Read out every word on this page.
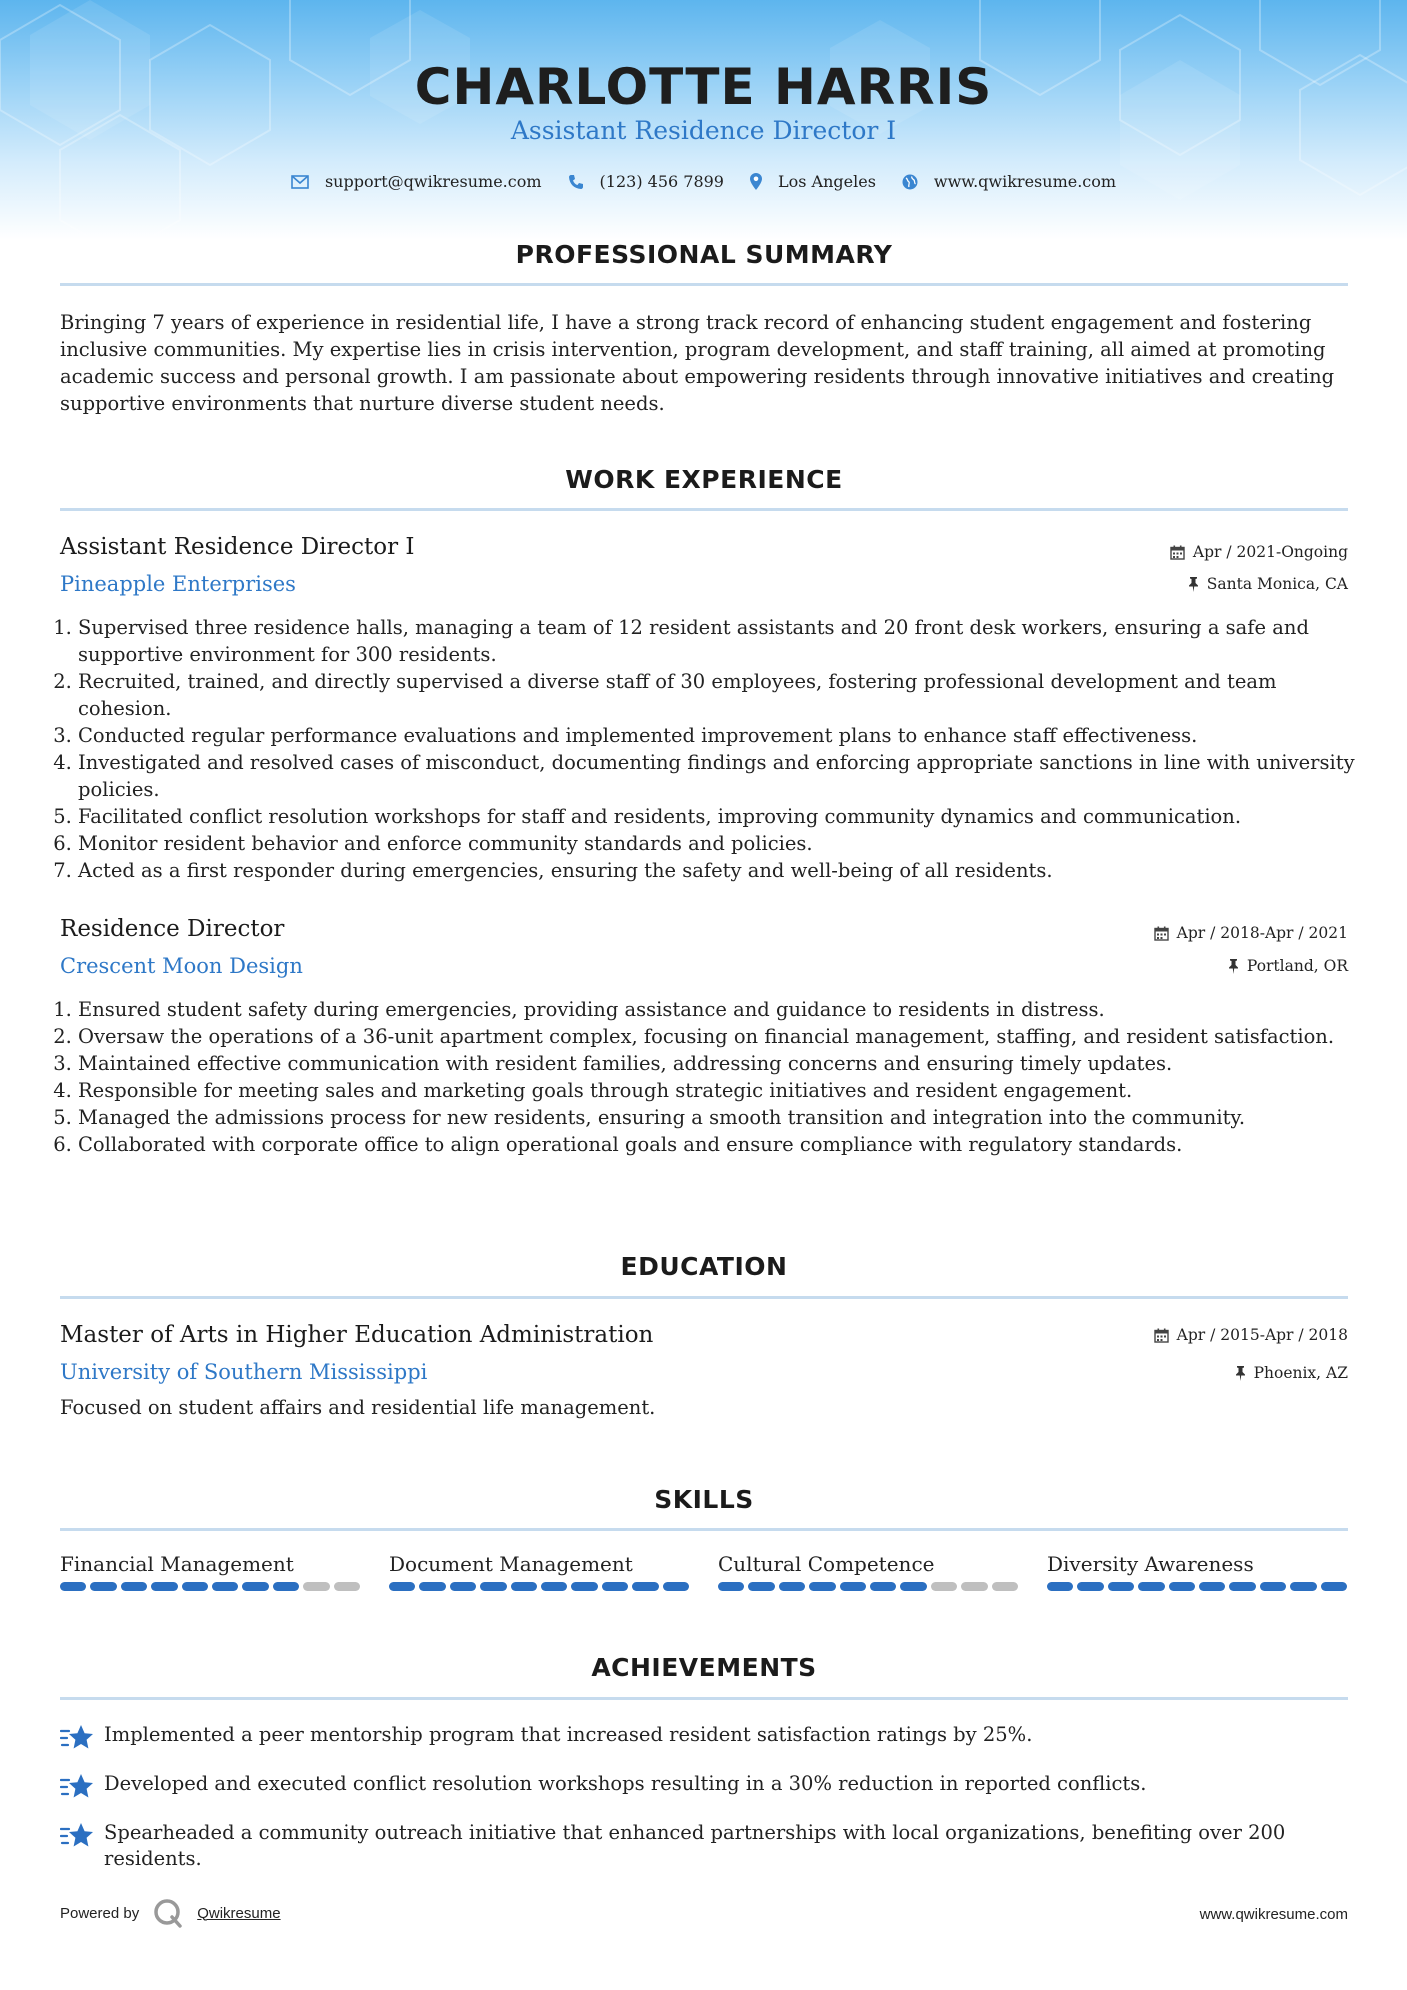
CHARLOTTE HARRIS
Assistant Residence Director I
support@qwikresume.com	(123) 456 7899	Los Angeles	www.qwikresume.com
PROFESSIONAL SUMMARY

Bringing 7 years of experience in residential life, I have a strong track record of enhancing student engagement and fostering inclusive communities. My expertise lies in crisis intervention, program development, and staff training, all aimed at promoting academic success and personal growth. I am passionate about empowering residents through innovative initiatives and creating supportive environments that nurture diverse student needs.

WORK EXPERIENCE
Assistant Residence Director I	Apr / 2021-Ongoing
Pineapple Enterprises	Santa Monica, CA
1. Supervised three residence halls, managing a team of 12 resident assistants and 20 front desk workers, ensuring a safe and supportive environment for 300 residents.
2. Recruited, trained, and directly supervised a diverse staff of 30 employees, fostering professional development and team cohesion.
3. Conducted regular performance evaluations and implemented improvement plans to enhance staff effectiveness.
4. Investigated and resolved cases of misconduct, documenting findings and enforcing appropriate sanctions in line with university policies.
5. Facilitated conflict resolution workshops for staff and residents, improving community dynamics and communication.
6. Monitor resident behavior and enforce community standards and policies.
7. Acted as a first responder during emergencies, ensuring the safety and well-being of all residents.
Residence Director	Apr / 2018-Apr / 2021
Crescent Moon Design	Portland, OR
1. Ensured student safety during emergencies, providing assistance and guidance to residents in distress.
2. Oversaw the operations of a 36-unit apartment complex, focusing on financial management, staffing, and resident satisfaction.
3. Maintained effective communication with resident families, addressing concerns and ensuring timely updates.
4. Responsible for meeting sales and marketing goals through strategic initiatives and resident engagement.
5. Managed the admissions process for new residents, ensuring a smooth transition and integration into the community.
6. Collaborated with corporate office to align operational goals and ensure compliance with regulatory standards.
EDUCATION
Master of Arts in Higher Education Administration	Apr / 2015-Apr / 2018
University of Southern Mississippi	Phoenix, AZ
Focused on student affairs and residential life management.
SKILLS
Financial Management	Document Management	Cultural Competence	Diversity Awareness
ACHIEVEMENTS
Implemented a peer mentorship program that increased resident satisfaction ratings by 25%.
Developed and executed conflict resolution workshops resulting in a 30% reduction in reported conflicts.
Spearheaded a community outreach initiative that enhanced partnerships with local organizations, benefiting over 200 residents.
Powered by	Qwikresume	www.qwikresume.com
